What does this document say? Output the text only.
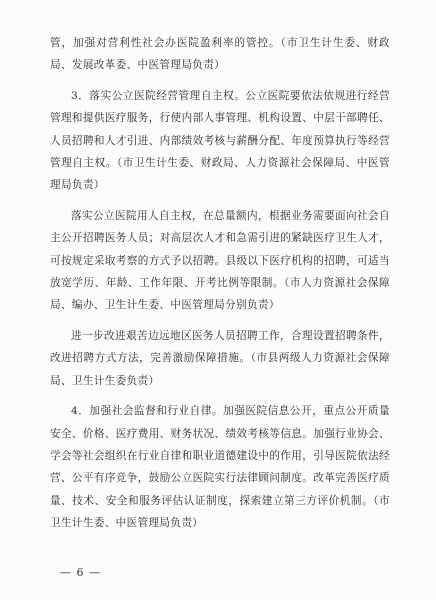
管，加强对营利性社会办医院盈利率的管控。（市卫生计生委、财政局、发展改革委、中医管理局负责）

3．落实公立医院经营管理自主权。公立医院要依法依规进行经营管理和提供医疗服务，行使内部人事管理、机构设置、中层干部聘任、人员招聘和人才引进、内部绩效考核与薪酬分配、年度预算执行等经营管理自主权。（市卫生计生委、财政局、人力资源社会保障局、中医管理局负责）

落实公立医院用人自主权，在总量额内，根据业务需要面向社会自主公开招聘医务人员；对高层次人才和急需引进的紧缺医疗卫生人才，可按规定采取考察的方式予以招聘。县级以下医疗机构的招聘，可适当放宽学历、年龄、工作年限、开考比例等限制。（市人力资源社会保障局、编办、卫生计生委、中医管理局分别负责）

进一步改进艰苦边远地区医务人员招聘工作，合理设置招聘条件，改进招聘方式方法，完善激励保障措施。（市县两级人力资源社会保障局、卫生计生委负责）

4．加强社会监督和行业自律。加强医院信息公开，重点公开质量安全、价格、医疗费用、财务状况、绩效考核等信息。加强行业协会、学会等社会组织在行业自律和职业道德建设中的作用，引导医院依法经营、公平有序竞争，鼓励公立医院实行法律顾问制度。改革完善医疗质量、技术、安全和服务评估认证制度，探索建立第三方评价机制。（市卫生计生委、中医管理局负责）

— 6 —
